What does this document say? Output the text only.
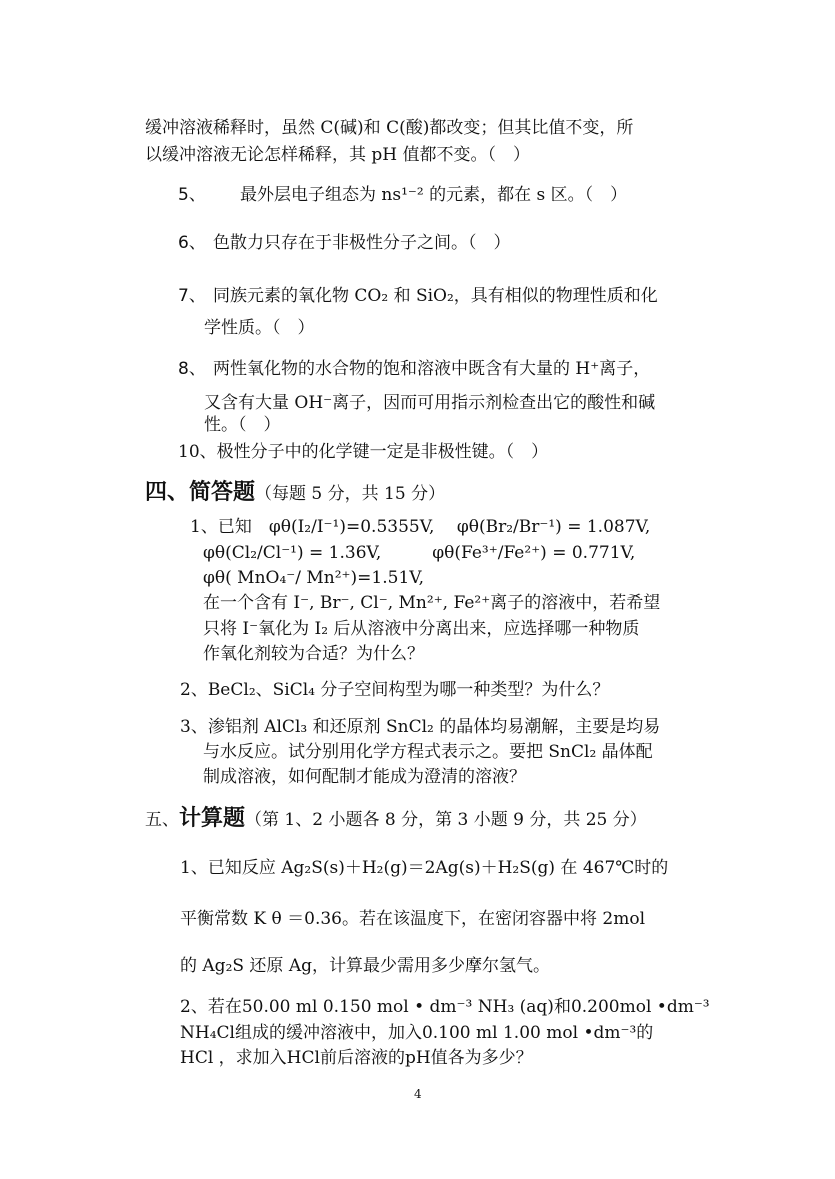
缓冲溶液稀释时，虽然 C(碱)和 C(酸)都改变；但其比值不变，所
以缓冲溶液无论怎样稀释，其 pH 值都不变。（　）
5、 最外层电子组态为 ns¹⁻² 的元素，都在 s 区。（　）
6、 色散力只存在于非极性分子之间。（　）
7、 同族元素的氧化物 CO₂ 和 SiO₂，具有相似的物理性质和化
学性质。（　）
8、 两性氧化物的水合物的饱和溶液中既含有大量的 H⁺离子，
又含有大量 OH⁻离子，因而可用指示剂检查出它的酸性和碱
性。（　）
10、极性分子中的化学键一定是非极性键。（　）
四、简答题（每题 5 分，共 15 分）
1、已知　φθ(I₂/I⁻¹)=0.5355V,　 φθ(Br₂/Br⁻¹) = 1.087V,
φθ(Cl₂/Cl⁻¹) = 1.36V,　　　φθ(Fe³⁺/Fe²⁺) = 0.771V,
φθ( MnO₄⁻/ Mn²⁺)=1.51V,
在一个含有 I⁻, Br⁻, Cl⁻, Mn²⁺, Fe²⁺离子的溶液中，若希望
只将 I⁻氧化为 I₂ 后从溶液中分离出来，应选择哪一种物质
作氧化剂较为合适？为什么？
2、BeCl₂、SiCl₄ 分子空间构型为哪一种类型？为什么？
3、渗铝剂 AlCl₃ 和还原剂 SnCl₂ 的晶体均易潮解，主要是均易
与水反应。试分别用化学方程式表示之。要把 SnCl₂ 晶体配
制成溶液，如何配制才能成为澄清的溶液？
五、计算题（第 1、2 小题各 8 分，第 3 小题 9 分，共 25 分）
1、已知反应 Ag₂S(s)＋H₂(g)＝2Ag(s)＋H₂S(g) 在 467℃时的
平衡常数 K θ ＝0.36。若在该温度下，在密闭容器中将 2mol
的 Ag₂S 还原 Ag，计算最少需用多少摩尔氢气。
2、若在50.00 ml 0.150 mol • dm⁻³ NH₃ (aq)和0.200mol •dm⁻³
NH₄Cl组成的缓冲溶液中，加入0.100 ml 1.00 mol •dm⁻³的
HCl ，求加入HCl前后溶液的pH值各为多少？
4
